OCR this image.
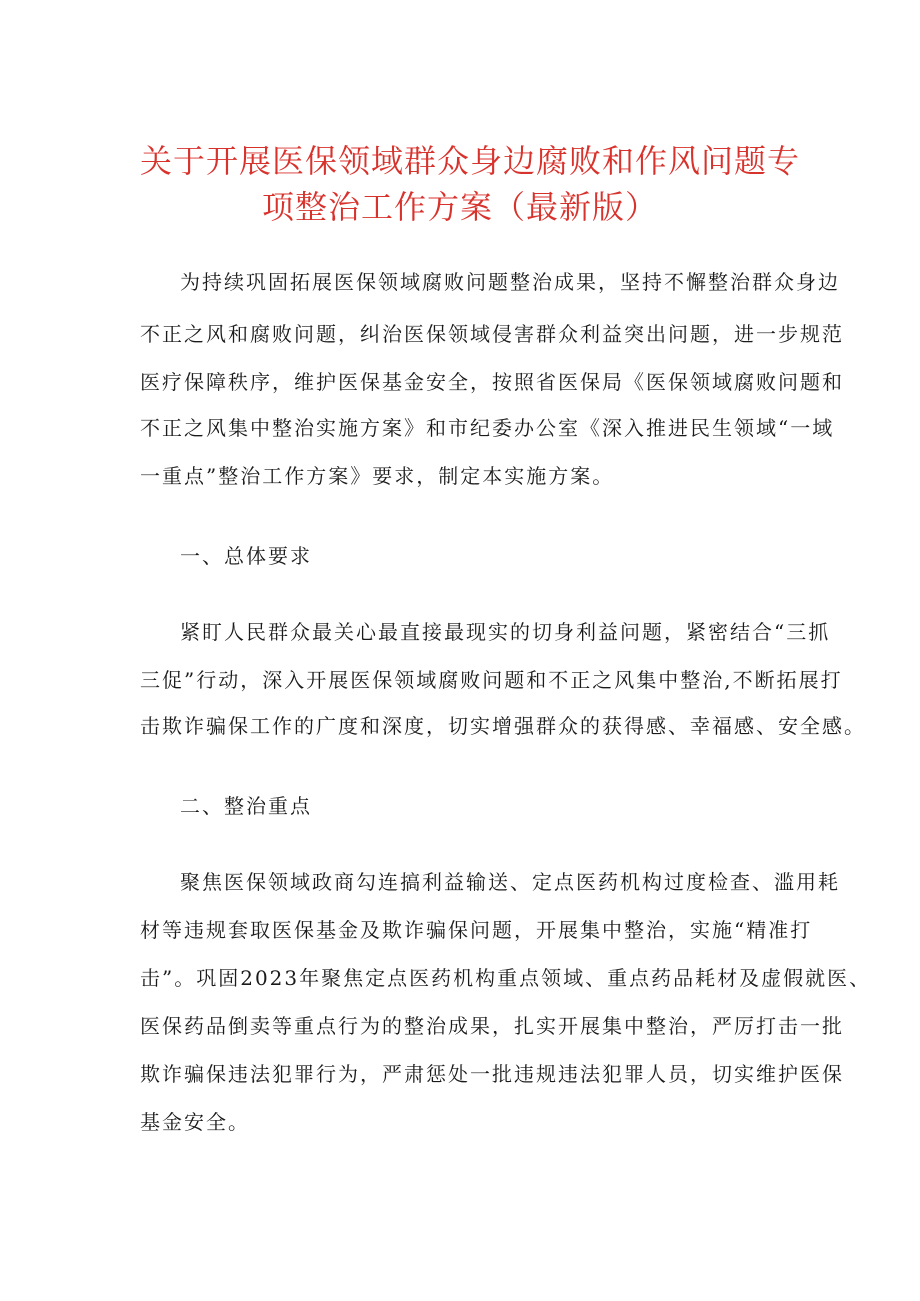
关于开展医保领域群众身边腐败和作风问题专
项整治工作方案（最新版）
为持续巩固拓展医保领域腐败问题整治成果，坚持不懈整治群众身边
不正之风和腐败问题，纠治医保领域侵害群众利益突出问题，进一步规范
医疗保障秩序，维护医保基金安全，按照省医保局《医保领域腐败问题和
不正之风集中整治实施方案》和市纪委办公室《深入推进民生领域“一域
一重点”整治工作方案》要求，制定本实施方案。
一、总体要求
紧盯人民群众最关心最直接最现实的切身利益问题，紧密结合“三抓
三促”行动，深入开展医保领域腐败问题和不正之风集中整治,不断拓展打
击欺诈骗保工作的广度和深度，切实增强群众的获得感、幸福感、安全感。
二、整治重点
聚焦医保领域政商勾连搞利益输送、定点医药机构过度检查、滥用耗
材等违规套取医保基金及欺诈骗保问题，开展集中整治，实施“精准打
击”。巩固2023年聚焦定点医药机构重点领域、重点药品耗材及虚假就医、
医保药品倒卖等重点行为的整治成果，扎实开展集中整治，严厉打击一批
欺诈骗保违法犯罪行为，严肃惩处一批违规违法犯罪人员，切实维护医保
基金安全。
